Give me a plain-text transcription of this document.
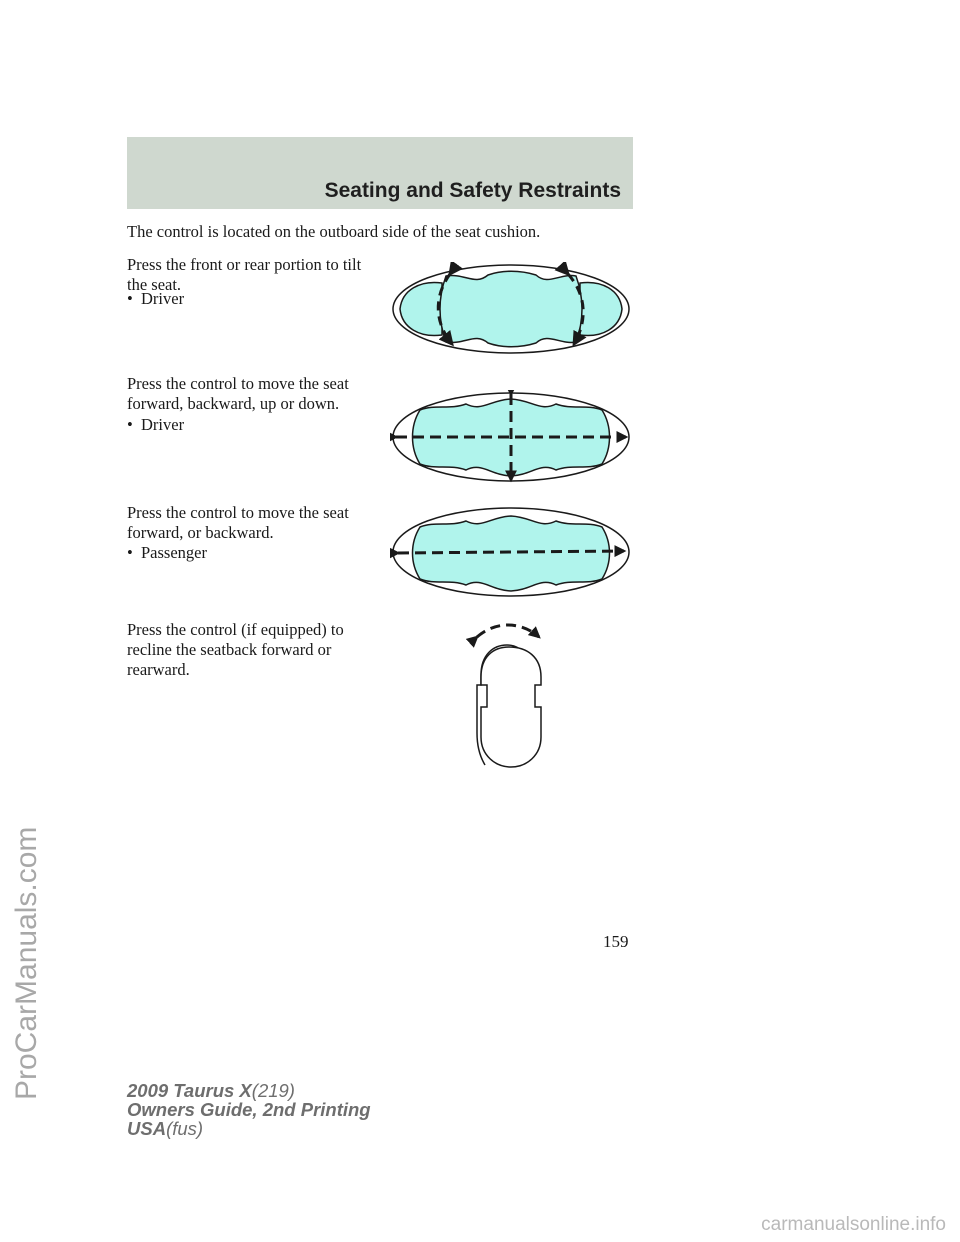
Seating and Safety Restraints

The control is located on the outboard side of the seat cushion.

Press the front or rear portion to tilt

the seat.

• Driver

Press the control to move the seat

forward, backward, up or down.

• Driver

Press the control to move the seat

forward, or backward.

• Passenger

Press the control (if equipped) to

recline the seatback forward or

rearward.

159
2009 Taurus X(219)
Owners Guide, 2nd Printing
USA(fus)
ProCarManuals.com
carmanualsonline.info
